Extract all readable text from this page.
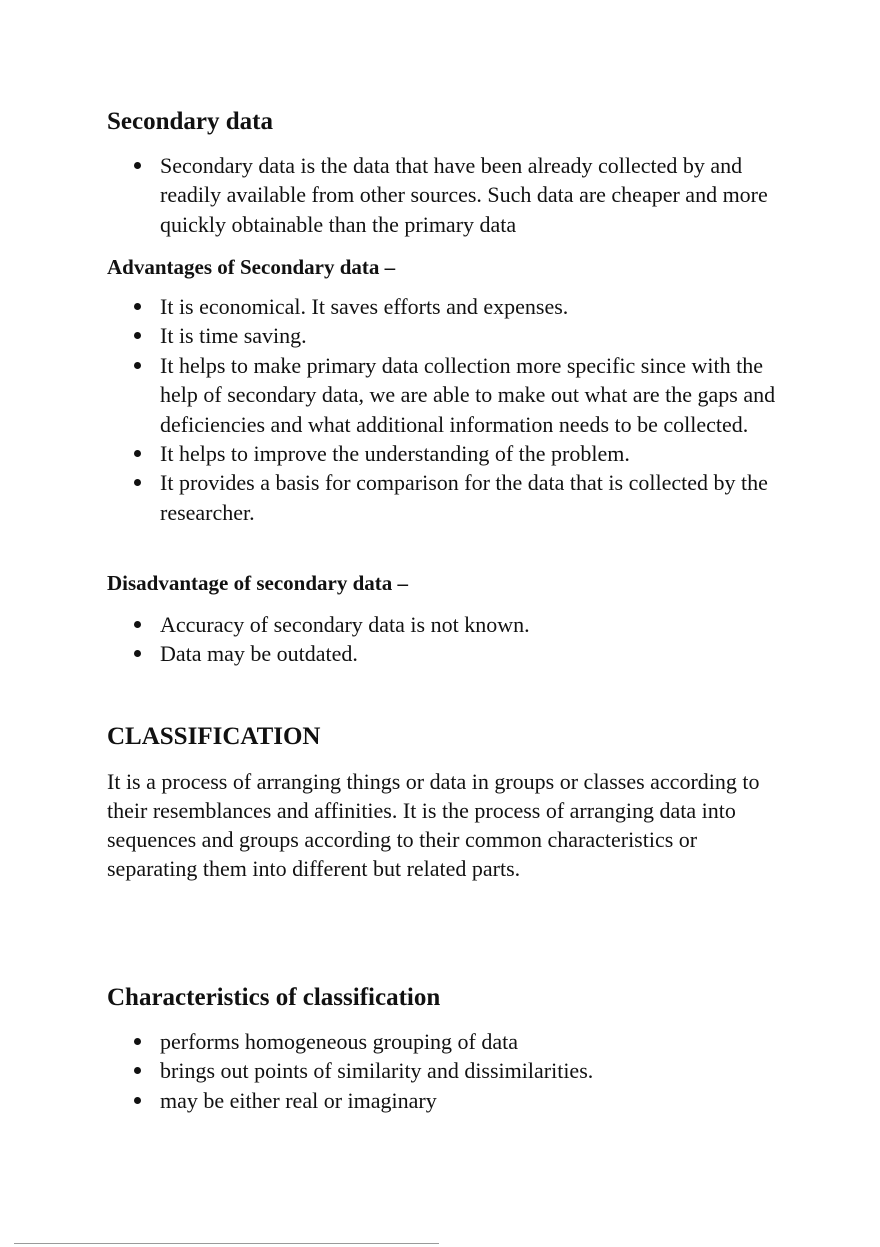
Secondary data
Secondary data is the data that have been already collected by and readily available from other sources. Such data are cheaper and more quickly obtainable than the primary data
Advantages of Secondary data –
It is economical. It saves efforts and expenses.
It is time saving.
It helps to make primary data collection more specific since with the help of secondary data, we are able to make out what are the gaps and deficiencies and what additional information needs to be collected.
It helps to improve the understanding of the problem.
It provides a basis for comparison for the data that is collected by the researcher.
Disadvantage of secondary data –
Accuracy of secondary data is not known.
Data may be outdated.
CLASSIFICATION

It is a process of arranging things or data in groups or classes according to their resemblances and affinities. It is the process of arranging data into sequences and groups according to their common characteristics or separating them into different but related parts.

Characteristics of classification
performs homogeneous grouping of data
brings out points of similarity and dissimilarities.
may be either real or imaginary
